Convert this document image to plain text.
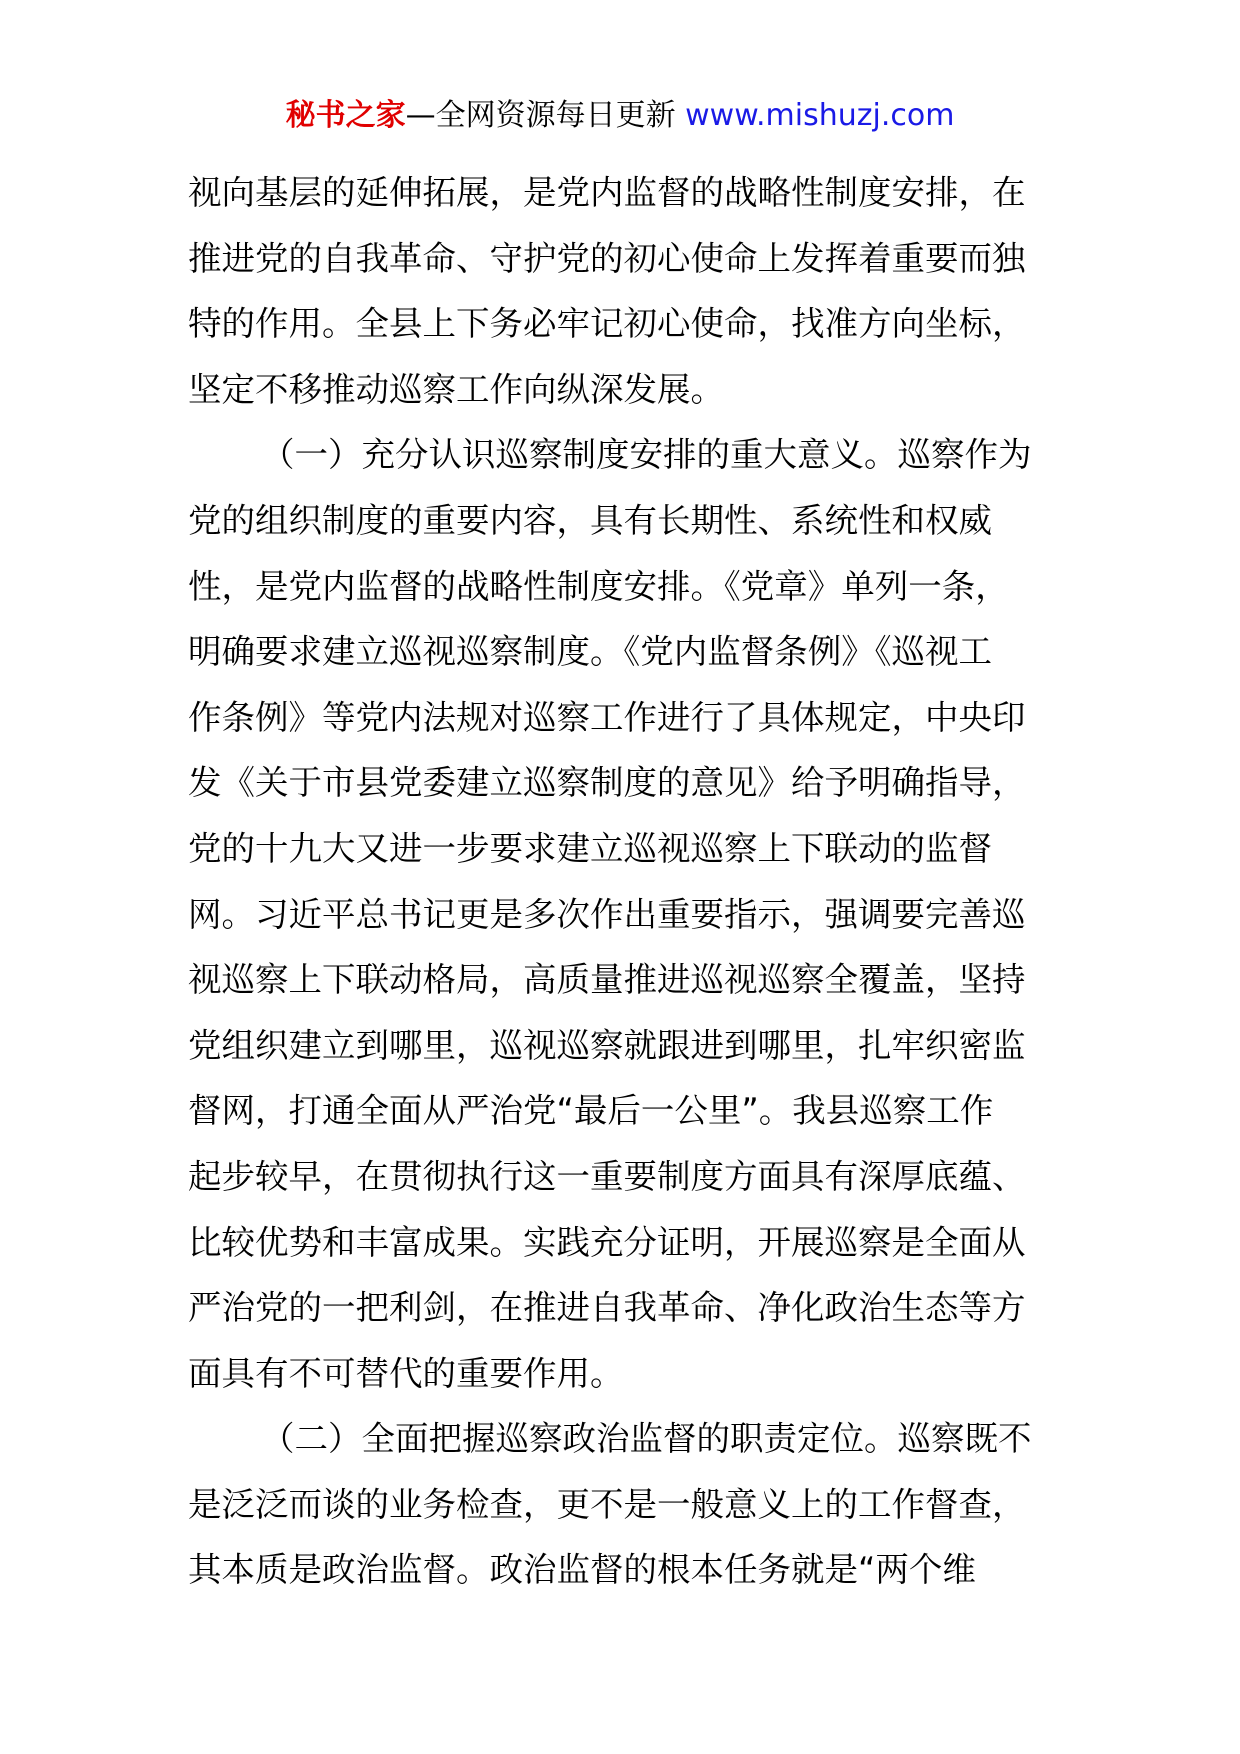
秘书之家—全网资源每日更新 www.mishuzj.com
视向基层的延伸拓展，是党内监督的战略性制度安排，在
推进党的自我革命、守护党的初心使命上发挥着重要而独
特的作用。全县上下务必牢记初心使命，找准方向坐标，
坚定不移推动巡察工作向纵深发展。
（一）充分认识巡察制度安排的重大意义。巡察作为
党的组织制度的重要内容，具有长期性、系统性和权威
性，是党内监督的战略性制度安排。《党章》单列一条，
明确要求建立巡视巡察制度。《党内监督条例》《巡视工
作条例》等党内法规对巡察工作进行了具体规定，中央印
发《关于市县党委建立巡察制度的意见》给予明确指导，
党的十九大又进一步要求建立巡视巡察上下联动的监督
网。习近平总书记更是多次作出重要指示，强调要完善巡
视巡察上下联动格局，高质量推进巡视巡察全覆盖，坚持
党组织建立到哪里，巡视巡察就跟进到哪里，扎牢织密监
督网，打通全面从严治党“最后一公里”。我县巡察工作
起步较早，在贯彻执行这一重要制度方面具有深厚底蕴、
比较优势和丰富成果。实践充分证明，开展巡察是全面从
严治党的一把利剑，在推进自我革命、净化政治生态等方
面具有不可替代的重要作用。
（二）全面把握巡察政治监督的职责定位。巡察既不
是泛泛而谈的业务检查，更不是一般意义上的工作督查，
其本质是政治监督。政治监督的根本任务就是“两个维
